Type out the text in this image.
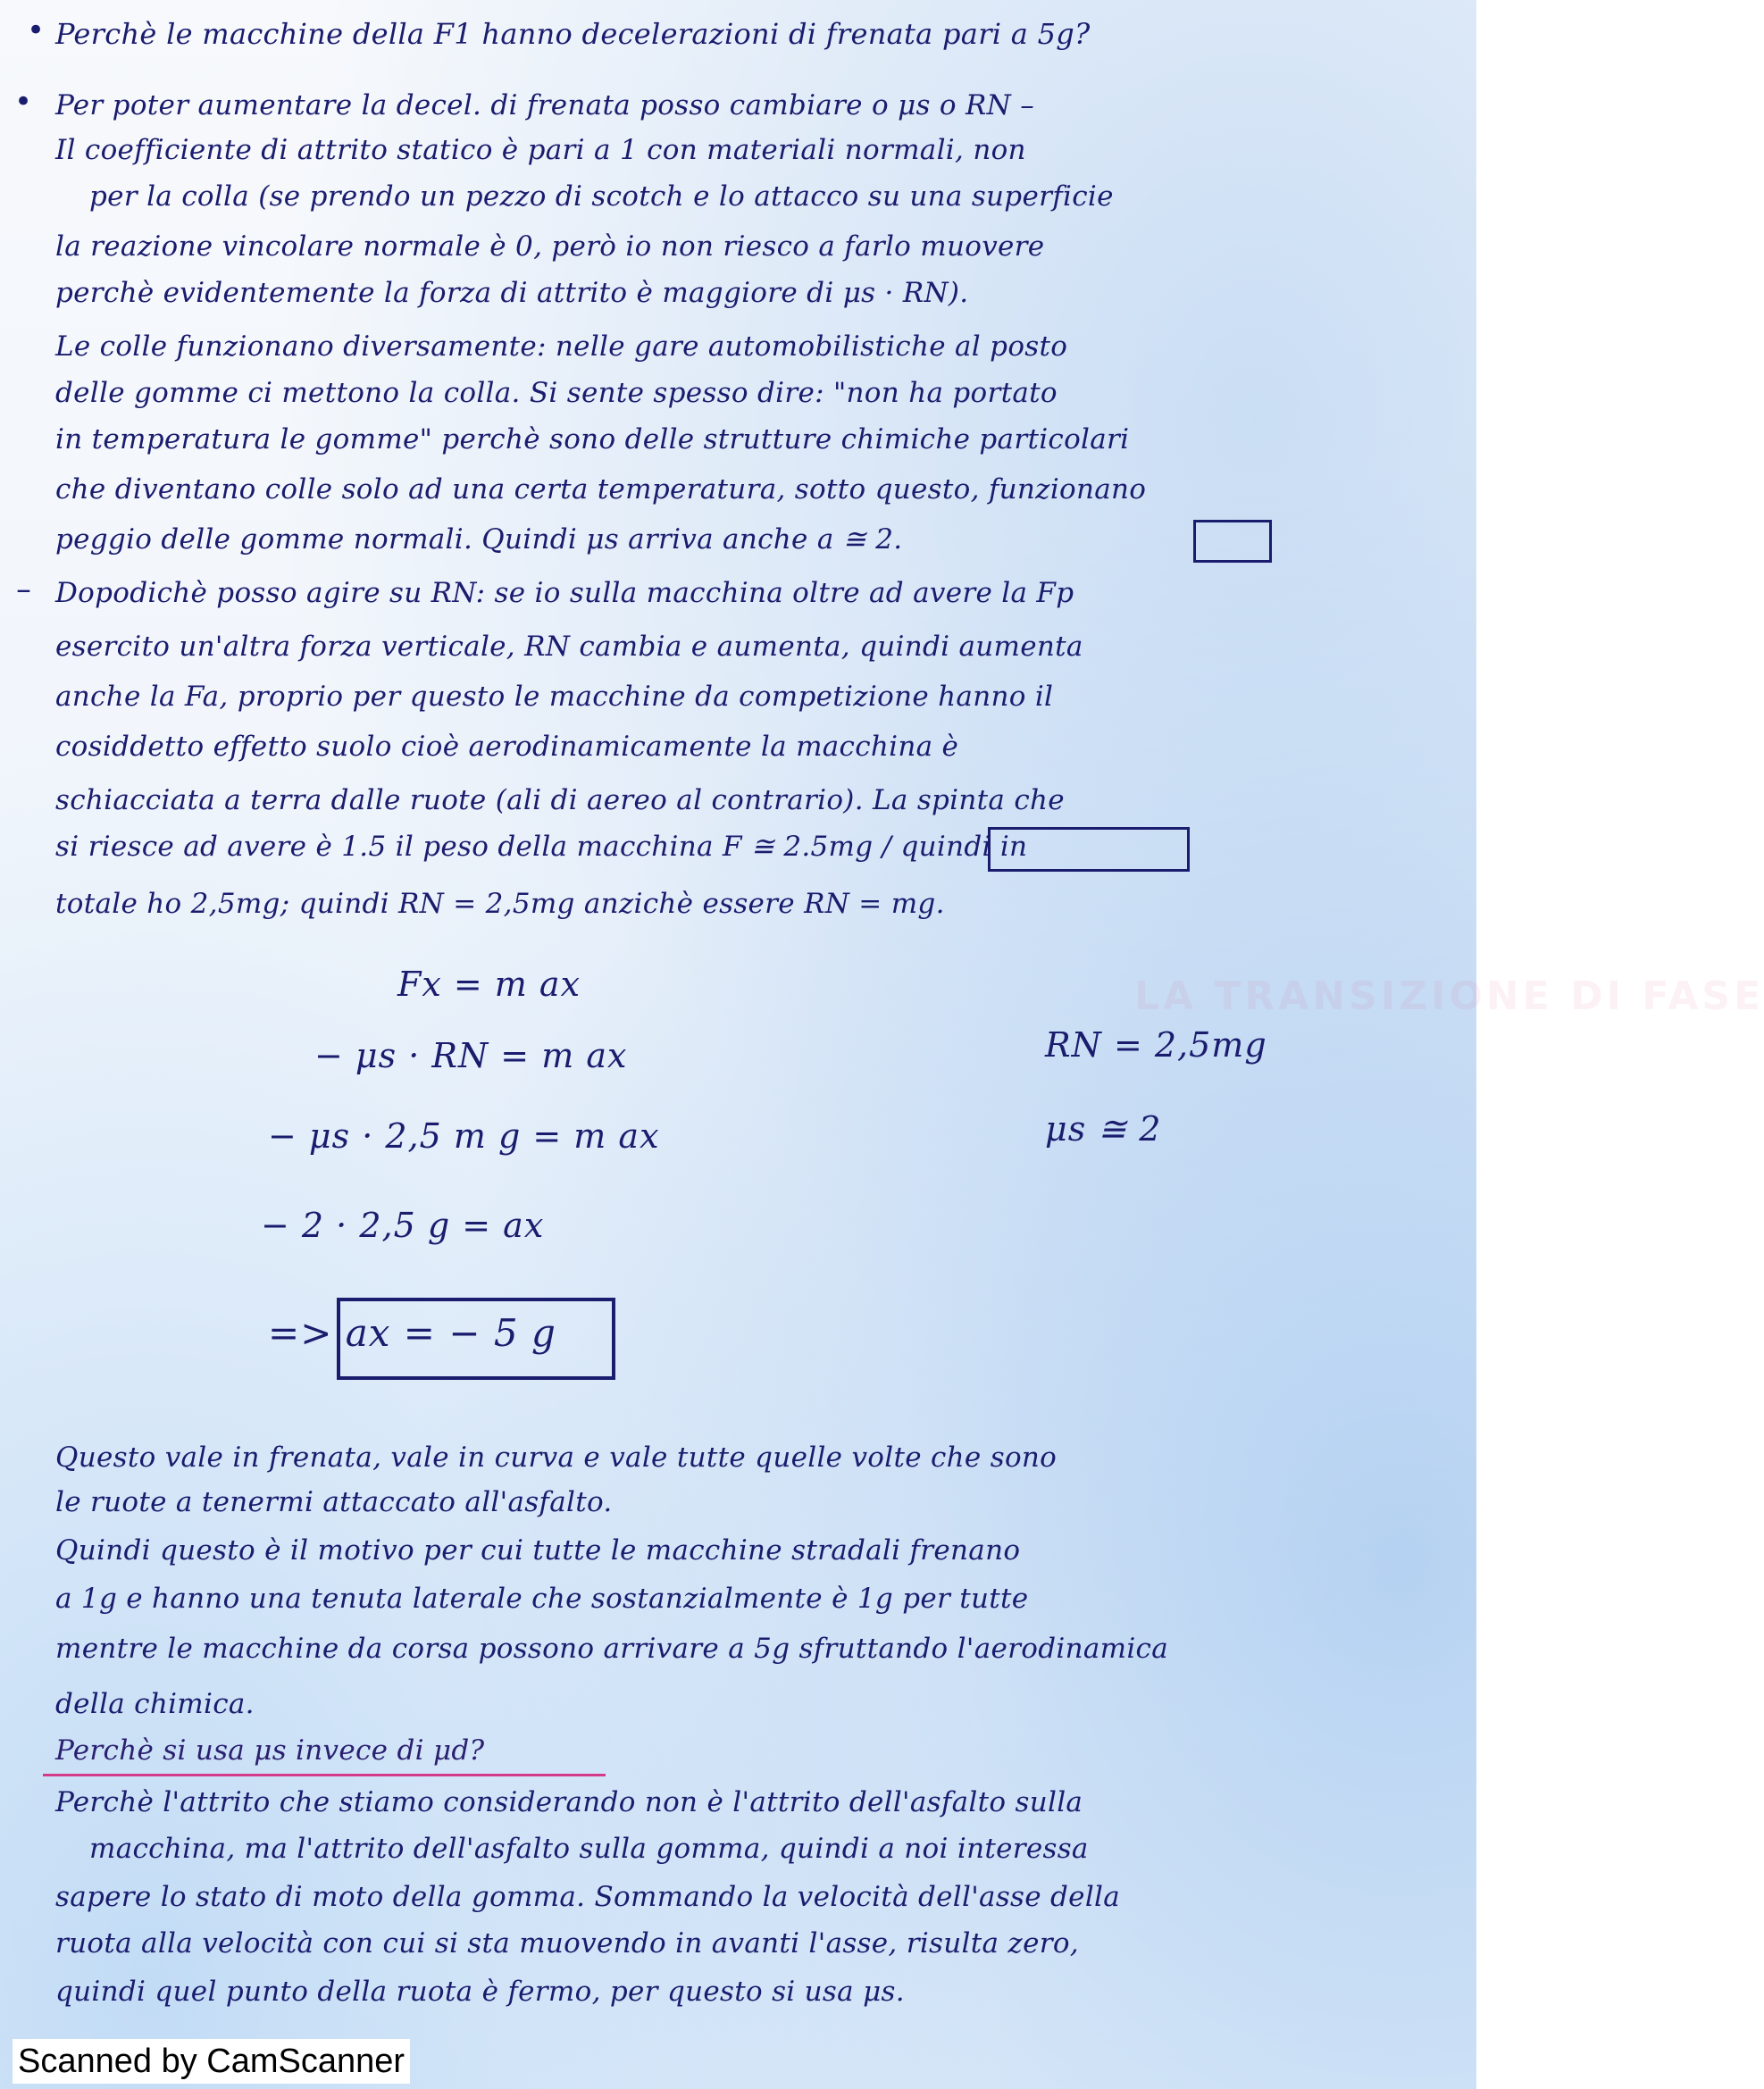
LA TRANSIZIONE DI FASE
• Perchè le macchine della F1 hanno decelerazioni di frenata pari a 5g?
• Per poter aumentare la decel. di frenata posso cambiare o μs o RN –
Il coefficiente di attrito statico è pari a 1 con materiali normali, non
per la colla (se prendo un pezzo di scotch e lo attacco su una superficie
la reazione vincolare normale è 0, però io non riesco a farlo muovere
perchè evidentemente la forza di attrito è maggiore di μs · RN).
Le colle funzionano diversamente: nelle gare automobilistiche al posto
delle gomme ci mettono la colla. Si sente spesso dire: "non ha portato
in temperatura le gomme" perchè sono delle strutture chimiche particolari
che diventano colle solo ad una certa temperatura, sotto questo, funzionano
peggio delle gomme normali. Quindi μs arriva anche a ≅ 2.
– Dopodichè posso agire su RN: se io sulla macchina oltre ad avere la Fp
esercito un'altra forza verticale, RN cambia e aumenta, quindi aumenta
anche la Fa, proprio per questo le macchine da competizione hanno il
cosiddetto effetto suolo cioè aerodinamicamente la macchina è
schiacciata a terra dalle ruote (ali di aereo al contrario). La spinta che
si riesce ad avere è 1.5 il peso della macchina F ≅ 2.5mg / quindi in
totale ho 2,5mg; quindi RN = 2,5mg anzichè essere RN = mg.
Fx = m ax
− μs · RN = m ax
− μs · 2,5 m g = m ax
− 2 · 2,5 g = ax
=> ax = − 5 g
RN = 2,5mg
μs ≅ 2
Questo vale in frenata, vale in curva e vale tutte quelle volte che sono
le ruote a tenermi attaccato all'asfalto.
Quindi questo è il motivo per cui tutte le macchine stradali frenano
a 1g e hanno una tenuta laterale che sostanzialmente è 1g per tutte
mentre le macchine da corsa possono arrivare a 5g sfruttando l'aerodinamica
della chimica.
Perchè si usa μs invece di μd?
Perchè l'attrito che stiamo considerando non è l'attrito dell'asfalto sulla
macchina, ma l'attrito dell'asfalto sulla gomma, quindi a noi interessa
sapere lo stato di moto della gomma. Sommando la velocità dell'asse della
ruota alla velocità con cui si sta muovendo in avanti l'asse, risulta zero,
quindi quel punto della ruota è fermo, per questo si usa μs.
Scanned by CamScanner
